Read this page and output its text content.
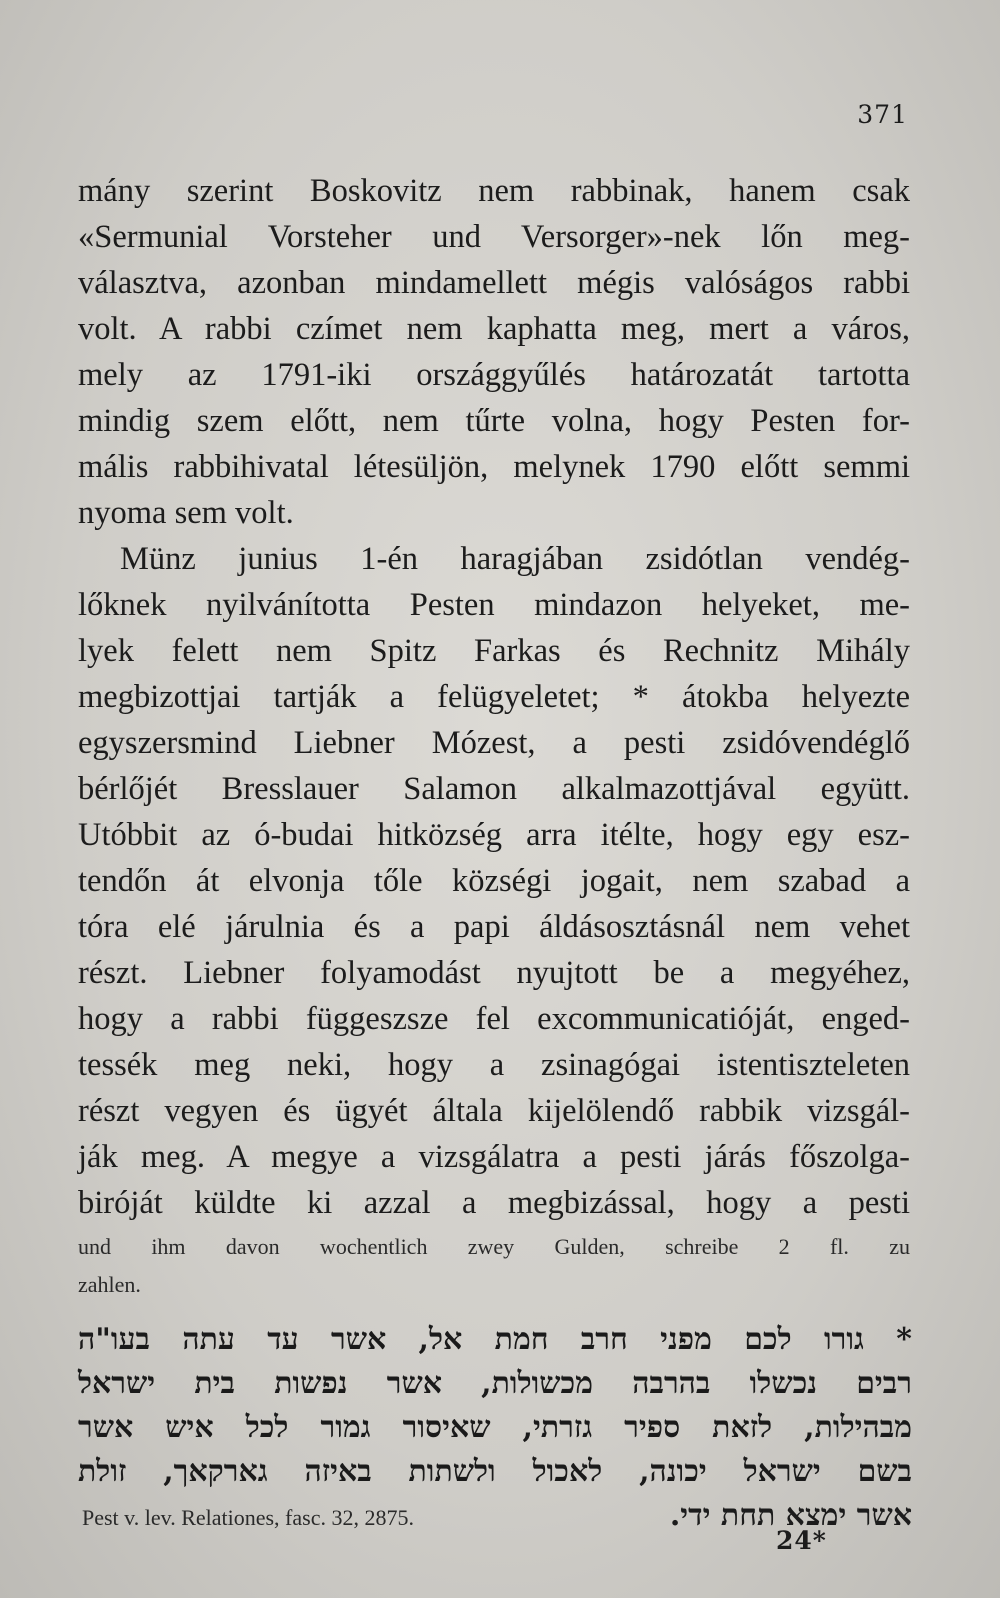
371
mány szerint Boskovitz nem rabbinak, hanem csak
«Sermunial Vorsteher und Versorger»-nek lőn meg-
választva, azonban mindamellett mégis valóságos rabbi
volt. A rabbi czímet nem kaphatta meg, mert a város,
mely az 1791-iki országgyűlés határozatát tartotta
mindig szem előtt, nem tűrte volna, hogy Pesten for-
mális rabbihivatal létesüljön, melynek 1790 előtt semmi
nyoma sem volt.
Münz junius 1-én haragjában zsidótlan vendég-
lőknek nyilvánította Pesten mindazon helyeket, me-
lyek felett nem Spitz Farkas és Rechnitz Mihály
megbizottjai tartják a felügyeletet; * átokba helyezte
egyszersmind Liebner Mózest, a pesti zsidóvendéglő
bérlőjét Bresslauer Salamon alkalmazottjával együtt.
Utóbbit az ó-budai hitközség arra itélte, hogy egy esz-
tendőn át elvonja tőle községi jogait, nem szabad a
tóra elé járulnia és a papi áldásosztásnál nem vehet
részt. Liebner folyamodást nyujtott be a megyéhez,
hogy a rabbi függeszsze fel excommunicatióját, enged-
tessék meg neki, hogy a zsinagógai istentiszteleten
részt vegyen és ügyét általa kijelölendő rabbik vizsgál-
ják meg. A megye a vizsgálatra a pesti járás főszolga-
biróját küldte ki azzal a megbizással, hogy a pesti
und ihm davon wochentlich zwey Gulden, schreibe 2 fl. zu
zahlen.
* גורו לכם מפני חרב חמת אל, אשר עד עתה בעו"ה
רבים נכשלו בהרבה מכשולות, אשר נפשות בית ישראל
מבהילות, לזאת ספיר גזרתי, שאיסור גמור לכל איש אשר
בשם ישראל יכונה, לאכול ולשתות באיזה גארקאך, זולת
Pest v. lev. Relationes, fasc. 32, 2875.	אשר ימצא תחת ידי.
24*
